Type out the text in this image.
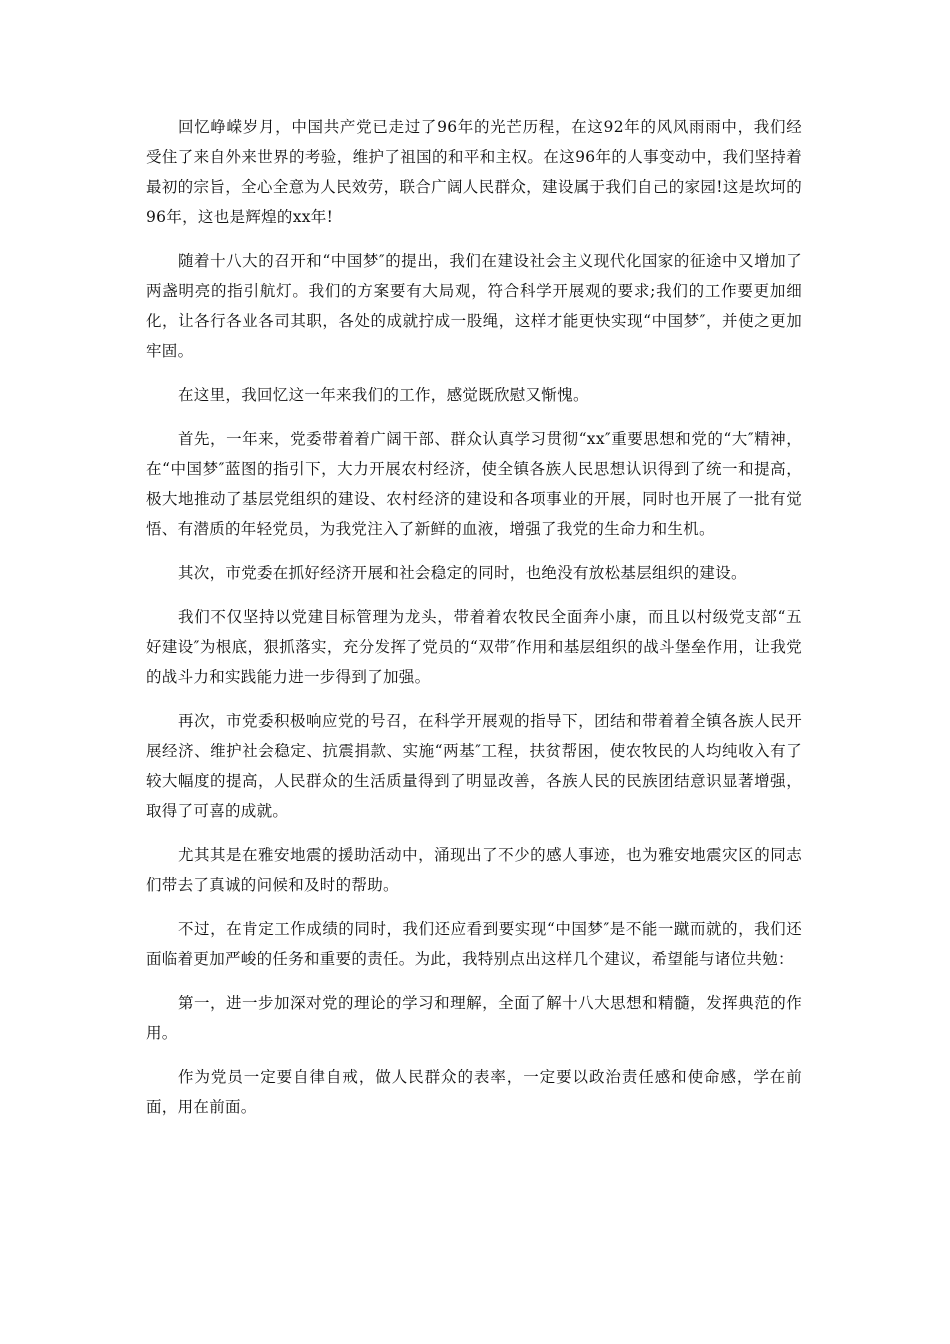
回忆峥嵘岁月，中国共产党已走过了96年的光芒历程，在这92年的风风雨雨中，我们经受住了来自外来世界的考验，维护了祖国的和平和主权。在这96年的人事变动中，我们坚持着最初的宗旨，全心全意为人民效劳，联合广阔人民群众，建设属于我们自己的家园!这是坎坷的96年，这也是辉煌的xx年!

随着十八大的召开和“中国梦″的提出，我们在建设社会主义现代化国家的征途中又增加了两盏明亮的指引航灯。我们的方案要有大局观，符合科学开展观的要求;我们的工作要更加细化，让各行各业各司其职，各处的成就拧成一股绳，这样才能更快实现“中国梦″，并使之更加牢固。

在这里，我回忆这一年来我们的工作，感觉既欣慰又惭愧。

首先，一年来，党委带着着广阔干部、群众认真学习贯彻“xx″重要思想和党的“大″精神，在“中国梦″蓝图的指引下，大力开展农村经济，使全镇各族人民思想认识得到了统一和提高，极大地推动了基层党组织的建设、农村经济的建设和各项事业的开展，同时也开展了一批有觉悟、有潜质的年轻党员，为我党注入了新鲜的血液，增强了我党的生命力和生机。

其次，市党委在抓好经济开展和社会稳定的同时，也绝没有放松基层组织的建设。

我们不仅坚持以党建目标管理为龙头，带着着农牧民全面奔小康，而且以村级党支部“五好建设″为根底，狠抓落实，充分发挥了党员的“双带″作用和基层组织的战斗堡垒作用，让我党的战斗力和实践能力进一步得到了加强。

再次，市党委积极响应党的号召，在科学开展观的指导下，团结和带着着全镇各族人民开展经济、维护社会稳定、抗震捐款、实施“两基″工程，扶贫帮困，使农牧民的人均纯收入有了较大幅度的提高，人民群众的生活质量得到了明显改善，各族人民的民族团结意识显著增强，取得了可喜的成就。

尤其其是在雅安地震的援助活动中，涌现出了不少的感人事迹，也为雅安地震灾区的同志们带去了真诚的问候和及时的帮助。

不过，在肯定工作成绩的同时，我们还应看到要实现“中国梦″是不能一蹴而就的，我们还面临着更加严峻的任务和重要的责任。为此，我特别点出这样几个建议，希望能与诸位共勉：

第一，进一步加深对党的理论的学习和理解，全面了解十八大思想和精髓，发挥典范的作用。

作为党员一定要自律自戒，做人民群众的表率，一定要以政治责任感和使命感，学在前面，用在前面。
